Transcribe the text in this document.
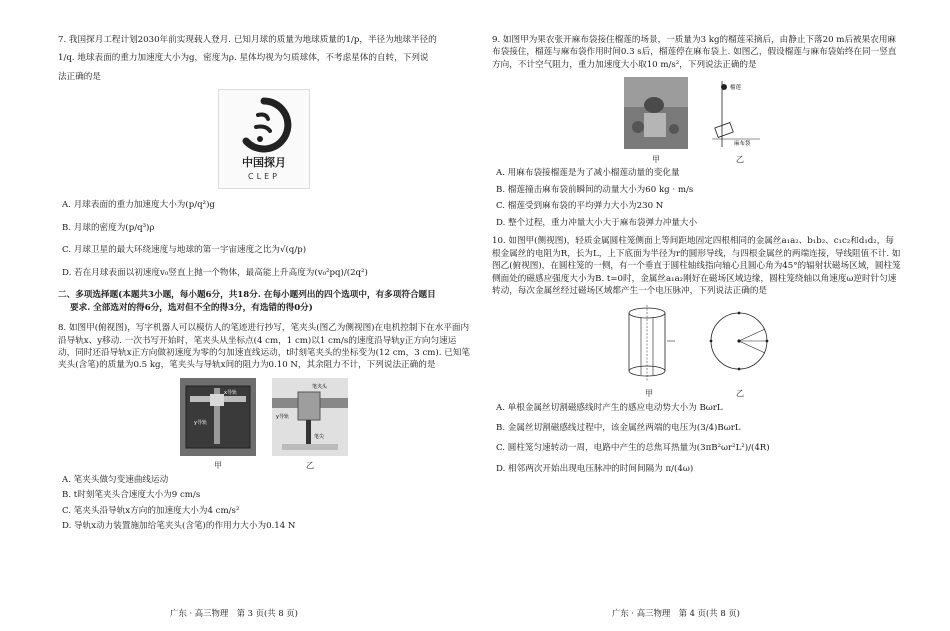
7. 我国探月工程计划2030年前实现载人登月. 已知月球的质量为地球质量的1/p，半径为地球半径的

1/q. 地球表面的重力加速度大小为g，密度为ρ. 星体均视为匀质球体，不考虑星体的自转，下列说

法正确的是

中国探月
CLEP

A. 月球表面的重力加速度大小为(p/q²)g

B. 月球的密度为(p/q³)ρ

C. 月球卫星的最大环绕速度与地球的第一宇宙速度之比为√(q/p)

D. 若在月球表面以初速度v₀竖直上抛一个物体，最高能上升高度为(v₀²pq)/(2q²)

二、多项选择题(本题共3小题，每小题6分，共18分. 在每小题列出的四个选项中，有多项符合题目
要求. 全部选对的得6分，选对但不全的得3分，有选错的得0分)

8. 如图甲(俯视图)，写字机器人可以模仿人的笔迹进行抄写，笔夹头(图乙为侧视图)在电机控制下在水平面内沿导轨x、y移动. 一次书写开始时，笔夹头从坐标点(4 cm，1 cm)以1 cm/s的速度沿导轨y正方向匀速运动，同时还沿导轨x正方向做初速度为零的匀加速直线运动，t时刻笔夹头的坐标变为(12 cm，3 cm). 已知笔夹头(含笔)的质量为0.5 kg，笔夹头与导轨x间的阻力为0.10 N，其余阻力不计，下列说法正确的是

x导轨
y导轨
甲
笔夹头
y导轨
笔尖
乙

A. 笔夹头做匀变速曲线运动

B. t时刻笔夹头合速度大小为9 cm/s

C. 笔夹头沿导轨x方向的加速度大小为4 cm/s²

D. 导轨x动力装置施加给笔夹头(含笔)的作用力大小为0.14 N

9. 如图甲为果农张开麻布袋接住榴莲的场景，一质量为3 kg的榴莲采摘后，由静止下落20 m后被果农用麻布袋接住，榴莲与麻布袋作用时间0.3 s后，榴莲停在麻布袋上. 如图乙，假设榴莲与麻布袋始终在同一竖直方向，不计空气阻力，重力加速度大小取10 m/s²，下列说法正确的是

甲
榴莲
麻布袋
乙

A. 用麻布袋接榴莲是为了减小榴莲动量的变化量

B. 榴莲撞击麻布袋前瞬间的动量大小为60 kg · m/s

C. 榴莲受到麻布袋的平均弹力大小为230 N

D. 整个过程，重力冲量大小大于麻布袋弹力冲量大小

10. 如图甲(侧视图)，轻质金属圆柱笼侧面上等间距地固定四根相同的金属丝a₁a₂、b₁b₂、c₁c₂和d₁d₂，每根金属丝的电阻为R，长为L，上下底面为半径为r的圆形导线，与四根金属丝的两端连接，导线阻值不计. 如图乙(俯视图)，在圆柱笼的一侧，有一个垂直于圆柱轴线指向轴心且圆心角为45°的辐射状磁场区域，圆柱笼侧面处的磁感应强度大小为B. t=0时，金属丝a₁a₂刚好在磁场区域边缘，圆柱笼绕轴以角速度ω逆时针匀速转动，每次金属丝经过磁场区域都产生一个电压脉冲，下列说法正确的是

甲	乙

A. 单根金属丝切割磁感线时产生的感应电动势大小为 BωrL

B. 金属丝切割磁感线过程中，该金属丝两端的电压为(3/4)BωrL

C. 圆柱笼匀速转动一周，电路中产生的总焦耳热量为(3πB²ωr²L²)/(4R)

D. 相邻两次开始出现电压脉冲的时间间隔为 π/(4ω)

广东 · 高三物理　第 3 页(共 8 页)	广东 · 高三物理　第 4 页(共 8 页)
